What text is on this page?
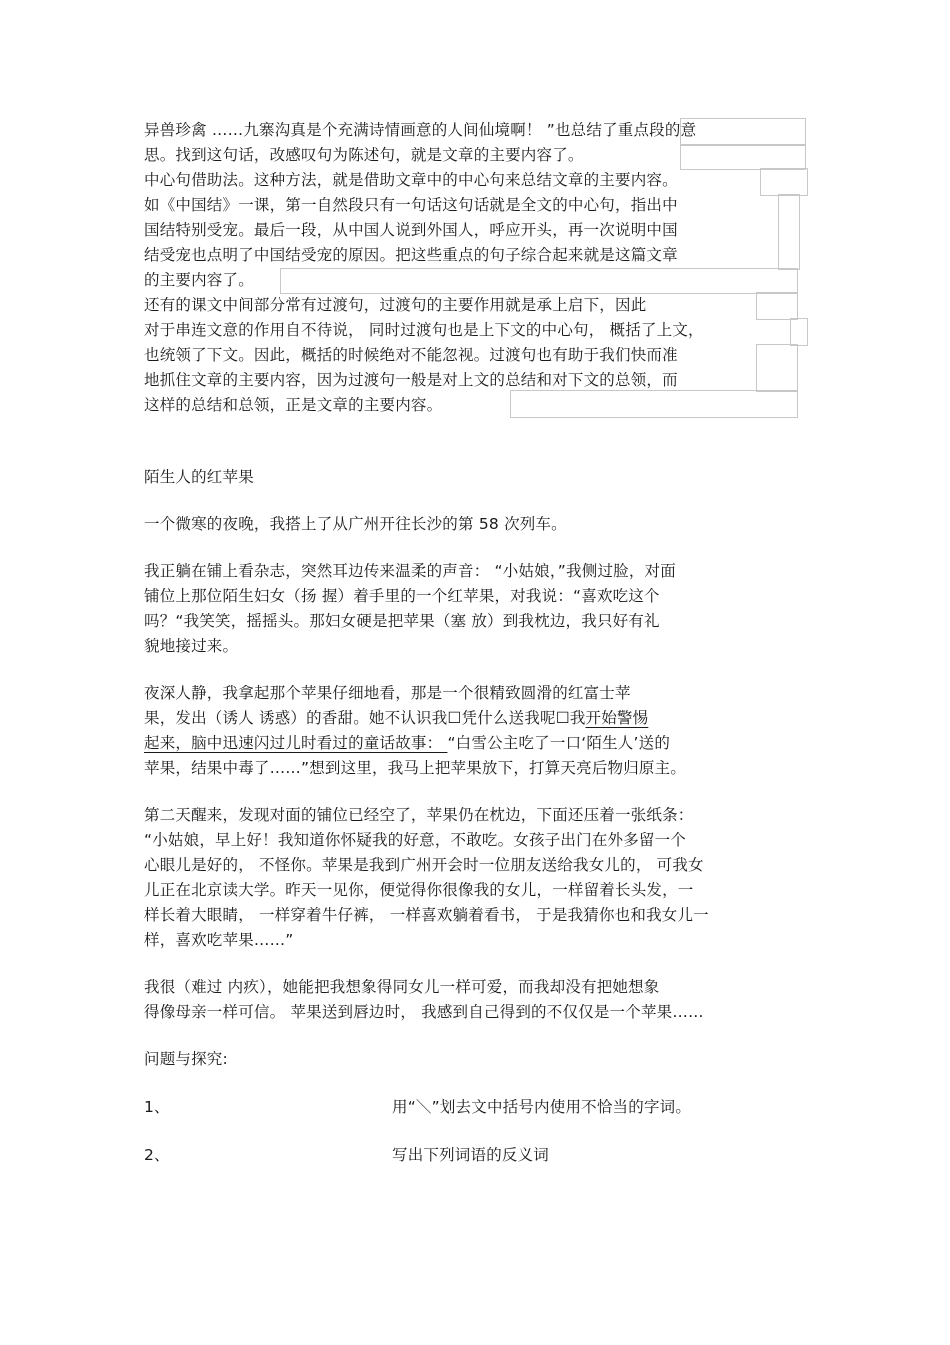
异兽珍禽 ……九寨沟真是个充满诗情画意的人间仙境啊！ ”也总结了重点段的意
思。找到这句话，改感叹句为陈述句，就是文章的主要内容了。
中心句借助法。这种方法，就是借助文章中的中心句来总结文章的主要内容。
如《中国结》一课，第一自然段只有一句话这句话就是全文的中心句，指出中
国结特别受宠。最后一段，从中国人说到外国人，呼应开头，再一次说明中国
结受宠也点明了中国结受宠的原因。把这些重点的句子综合起来就是这篇文章
的主要内容了。
还有的课文中间部分常有过渡句，过渡句的主要作用就是承上启下，因此
对于串连文意的作用自不待说， 同时过渡句也是上下文的中心句， 概括了上文，
也统领了下文。因此，概括的时候绝对不能忽视。过渡句也有助于我们快而准
地抓住文章的主要内容，因为过渡句一般是对上文的总结和对下文的总领，而
这样的总结和总领，正是文章的主要内容。
陌生人的红苹果
一个微寒的夜晚，我搭上了从广州开往长沙的第 58 次列车。
我正躺在铺上看杂志，突然耳边传来温柔的声音： “小姑娘，”我侧过脸，对面
铺位上那位陌生妇女（扬 握）着手里的一个红苹果，对我说：“喜欢吃这个
吗？“我笑笑，摇摇头。那妇女硬是把苹果（塞 放）到我枕边，我只好有礼
貌地接过来。
夜深人静，我拿起那个苹果仔细地看，那是一个很精致圆滑的红富士苹
果，发出（诱人 诱惑）的香甜。她不认识我☐凭什么送我呢☐我开始警惕
起来，脑中迅速闪过儿时看过的童话故事： “白雪公主吃了一口‘陌生人’送的
苹果，结果中毒了……”想到这里，我马上把苹果放下，打算天亮后物归原主。
第二天醒来，发现对面的铺位已经空了，苹果仍在枕边，下面还压着一张纸条：
“小姑娘，早上好！我知道你怀疑我的好意，不敢吃。女孩子出门在外多留一个
心眼儿是好的， 不怪你。苹果是我到广州开会时一位朋友送给我女儿的， 可我女
儿正在北京读大学。昨天一见你，便觉得你很像我的女儿，一样留着长头发，一
样长着大眼睛， 一样穿着牛仔裤， 一样喜欢躺着看书， 于是我猜你也和我女儿一
样，喜欢吃苹果……”
我很（难过 内疚），她能把我想象得同女儿一样可爱，而我却没有把她想象
得像母亲一样可信。 苹果送到唇边时， 我感到自己得到的不仅仅是一个苹果……
问题与探究:
1、	用“＼”划去文中括号内使用不恰当的字词。
2、	写出下列词语的反义词
